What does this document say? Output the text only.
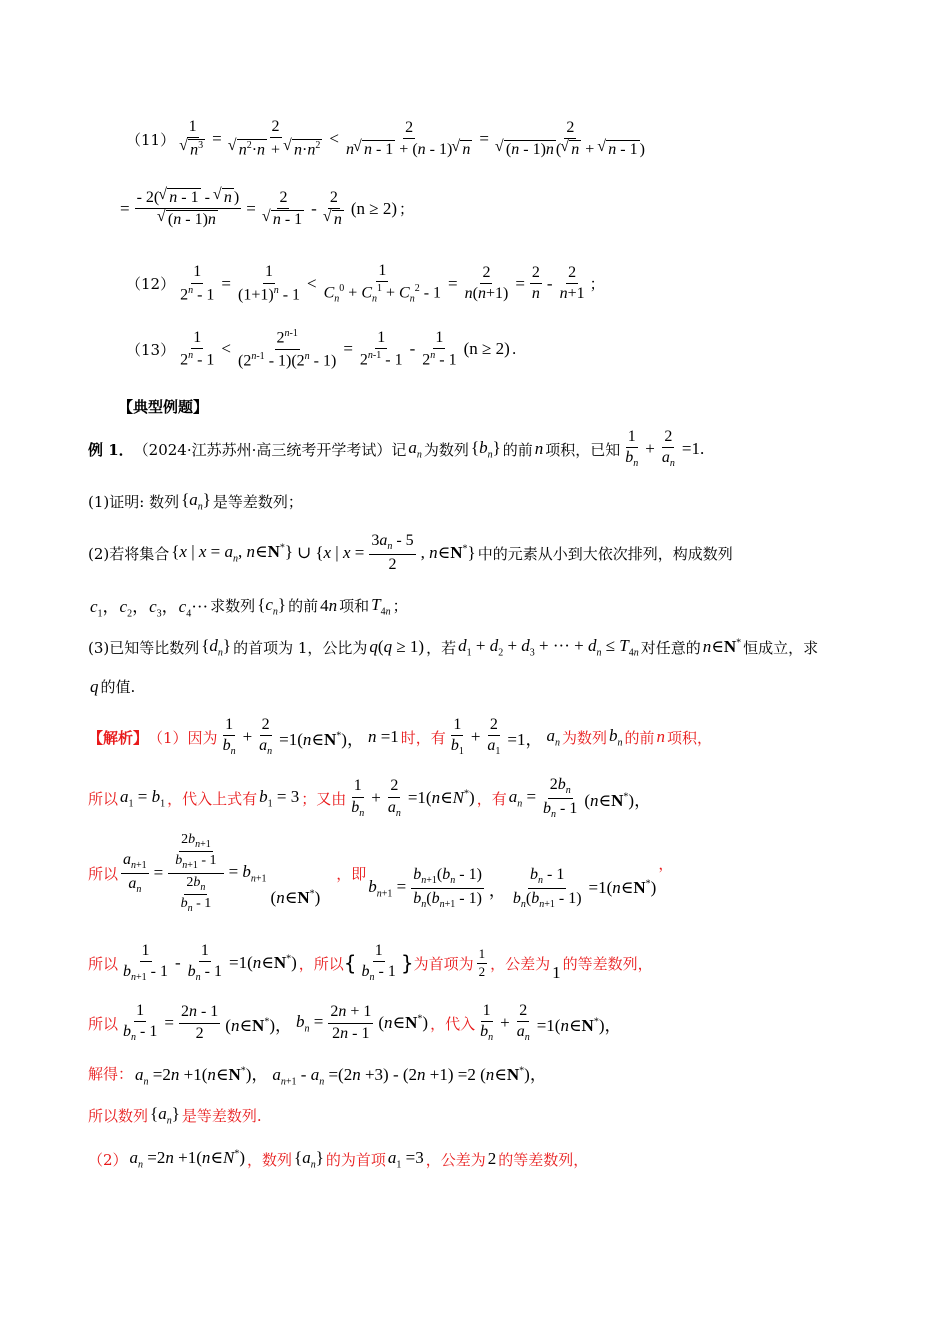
（11） 1
√ $n^3 = 2$
√ $n^2\cdot n$ + √ $n\cdot n^2 < \frac{2}{n √ n - 1 + (n - 1) √ n} = 2$
√ (n - 1)n ( √ n + √ n - 1 )
= - 2( √ n - 1 - √ n )
√ (n - 1)n = 2
√ n - 1 - 2
√ n (n ≥ 2) ；
$(12) \frac{1}{2^n - 1} = \frac{1}{(1+1)^n - 1} < \frac{1}{C_n^0 + C_n^1 + C_n^2 - 1} = \frac{2}{n(n+1)} = \frac{2}{n} - \frac{2}{n+1}$ ；
$(13) \frac{1}{2^n - 1} < \frac{2^{n-1}}{(2^{n-1} - 1)(2^n - 1)} = \frac{1}{2^{n-1} - 1} - \frac{1}{2^n - 1} (n \ge 2)$ .
【典型例题】
例 1． （2024·江苏苏州·高三统考开学考试） 记 $a_n$ 为数列 $\{b_n\}$ 的前 n 项积，已知 $\frac{1}{b_n} + \frac{2}{a_n} =1$.
(1)证明: 数列 $\{a_n\}$ 是等差数列；
(2)若将集合 {x | $x = a_n$, n∈N*} ∪ {x | $x = \frac{3a_n - 5}{2}$ , n∈N*} 中的元素从小到大依次排列，构成数列
$c_1$，$c_2$，$c_3$，$c_4\cdot\cdot\cdot$ 求数列 $\{c_n\}$ 的前 4n 项和 $T_{4n}$ ；
(3)已知等比数列 $\{d_n\}$ 的首项为 1，公比为 q(q ≥ 1) ，若 $d_1 + d_2 + d_3$ + ··· + $d_n \le T_{4n}$ 对任意的 n∈N* 恒成立，求
q 的值.
【解析】 （1）因为 $\frac{1}{b_n} + \frac{2}{a_n}$ =1(n∈N*)， n =1 时，有 $\frac{1}{b_1} + \frac{2}{a_1} =1$， $a_n$ 为数列 $b_n$ 的前 n 项积，
所以 $a_1 = b_1$ ，代入上式有 $b_1 = 3$ ；又由 $\frac{1}{b_n} + \frac{2}{a_n}$ =1(n∈N*) ，有 $a_n = \frac{2b_n}{b_n - 1}$ (n∈N*)，
所以 $\frac{a_{n+1}}{a_n} = \frac{\frac{2b_{n+1}}{b_{n+1} - 1}}{\frac{2b_n}{b_n - 1}} = b_{n+1}$
(n∈N*)
，即
$b_{n+1} = \frac{b_{n+1}(b_n - 1)}{b_n(b_{n+1} - 1)}$ ， $\frac{b_n - 1}{b_n(b_{n+1} - 1)}$ =1(n∈N*)
，
所以 $\frac{1}{b_{n+1} - 1} - \frac{1}{b_n - 1}$ =1(n∈N*) ，所以 { $\frac{1}{b_n - 1}$ } 为首项为 $\frac{1}{2}$ ，公差为 1 的等差数列，
所以 $\frac{1}{b_n - 1} = \frac{2n - 1}{2}$ (n∈N*)， $b_n = \frac{2n + 1}{2n - 1}$ (n∈N*) ，代入 $\frac{1}{b_n} + \frac{2}{a_n}$ =1(n∈N*)，
解得： $a_n =2n$ +1(n∈N*)， $a_{n+1} - a_n =(2n +3) - (2n +1) =2$ (n∈N*)，
所以数列 $\{a_n\}$ 是等差数列.
（2） $a_n =2n$ +1(n∈N*) ，数列 $\{a_n\}$ 的为首项 $a_1 =3$ ，公差为 2 的等差数列，
